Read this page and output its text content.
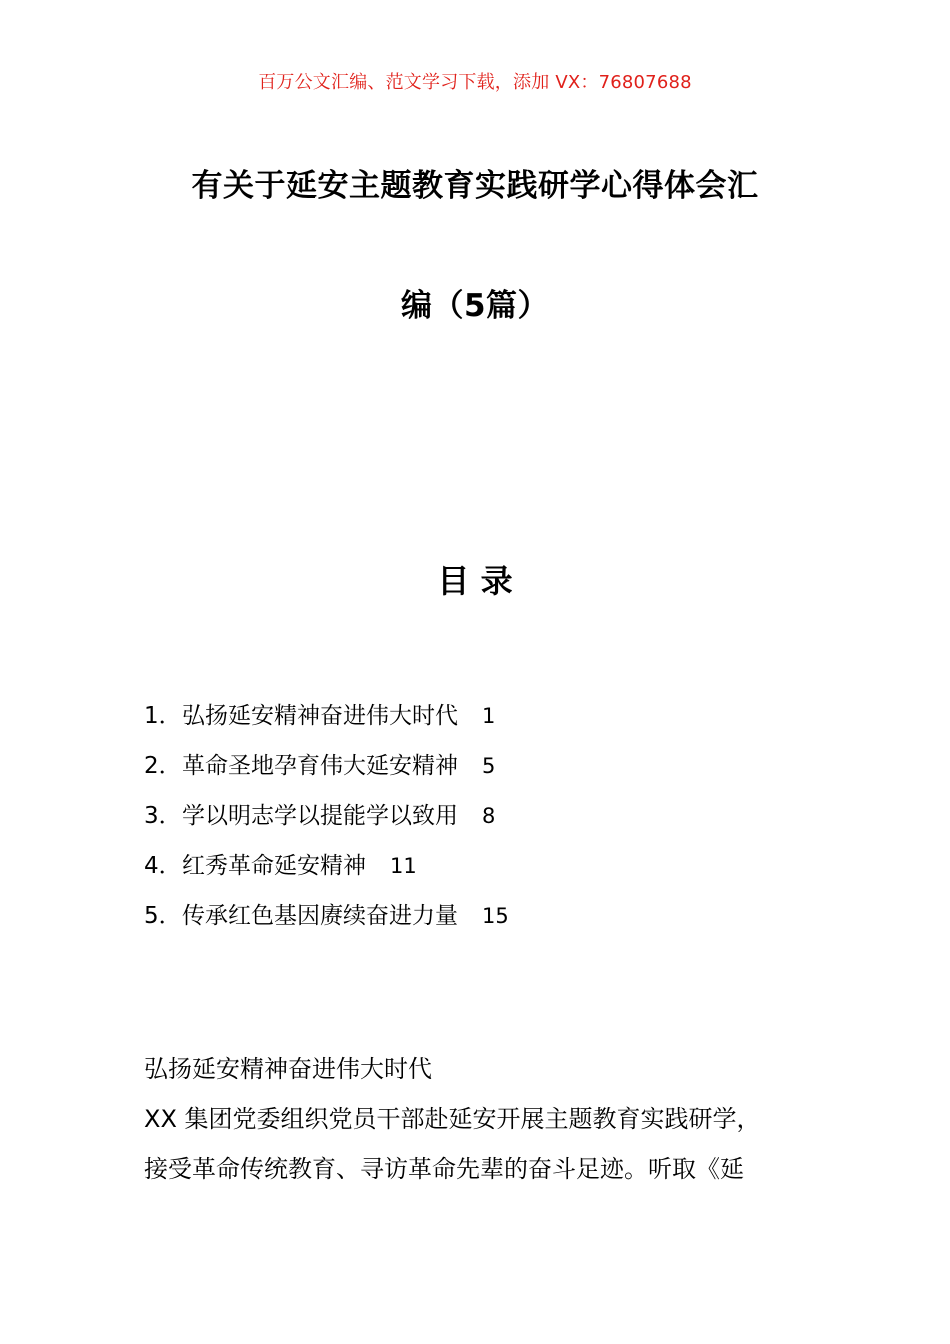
百万公文汇编、范文学习下载，添加 VX：76807688
有关于延安主题教育实践研学心得体会汇
编（5篇）
目 录
1． 弘扬延安精神奋进伟大时代 1
2． 革命圣地孕育伟大延安精神 5
3． 学以明志学以提能学以致用 8
4． 红秀革命延安精神 11
5． 传承红色基因赓续奋进力量 15

弘扬延安精神奋进伟大时代

XX 集团党委组织党员干部赴延安开展主题教育实践研学，

接受革命传统教育、寻访革命先辈的奋斗足迹。听取《延
